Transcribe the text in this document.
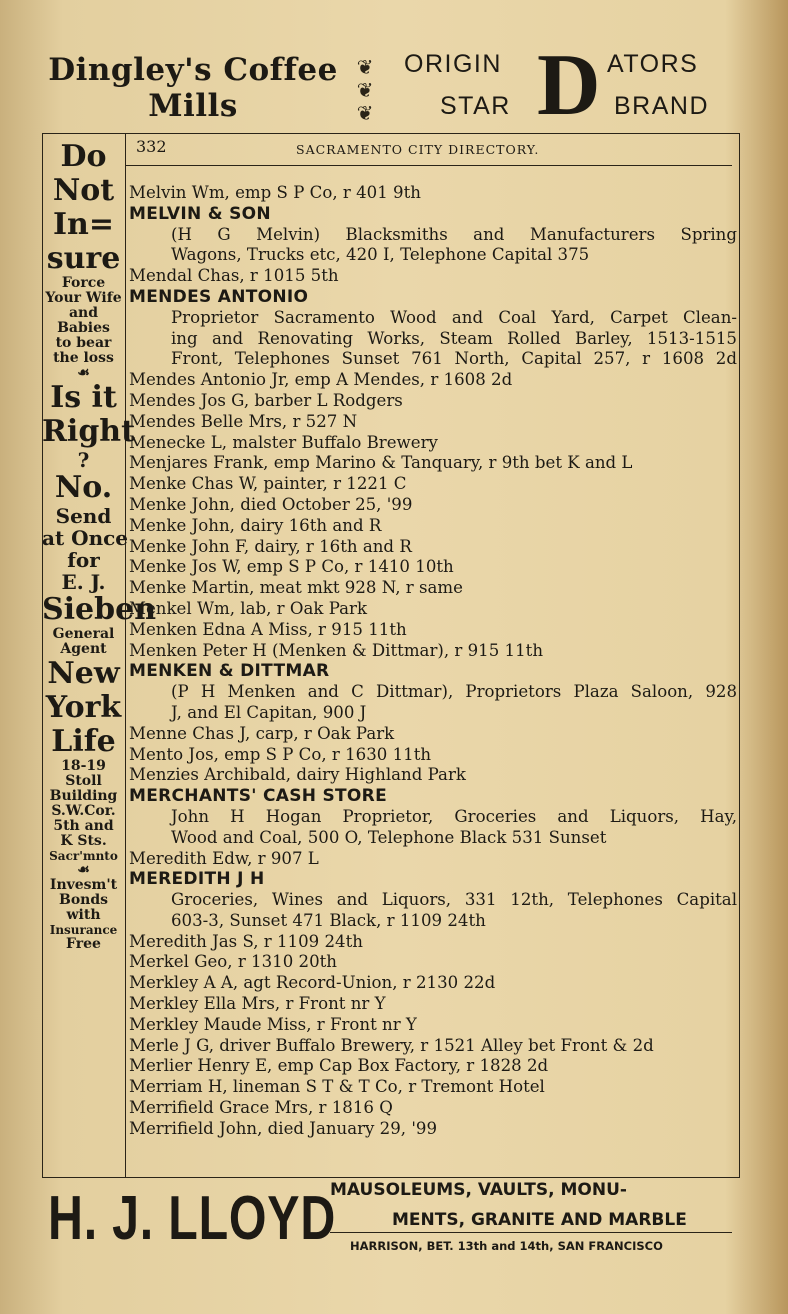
Dingley's Coffee
Mills
❦
❦
❦
ORIGIN	ATORS
STAR	BRAND
D
332	SACRAMENTO CITY DIRECTORY.
Do
Not
In=
sure
Force
Your Wife
and
Babies
to bear
the loss
☙
Is it
Right
?
No.
Send
at Once
for
E. J.
Sieben
General
Agent
New
York
Life
18-19
Stoll
Building
S.W.Cor.
5th and
K Sts.
Sacr'mnto
☙
Invesm't
Bonds
with
Insurance
Free
Melvin Wm, emp S P Co, r 401 9th
MELVIN & SON
(H G Melvin) Blacksmiths and Manufacturers Spring
Wagons, Trucks etc, 420 I, Telephone Capital 375
Mendal Chas, r 1015 5th
MENDES ANTONIO
Proprietor Sacramento Wood and Coal Yard, Carpet Clean-
ing and Renovating Works, Steam Rolled Barley, 1513-1515
Front, Telephones Sunset 761 North, Capital 257, r 1608 2d
Mendes Antonio Jr, emp A Mendes, r 1608 2d
Mendes Jos G, barber L Rodgers
Mendes Belle Mrs, r 527 N
Menecke L, malster Buffalo Brewery
Menjares Frank, emp Marino & Tanquary, r 9th bet K and L
Menke Chas W, painter, r 1221 C
Menke John, died October 25, '99
Menke John, dairy 16th and R
Menke John F, dairy, r 16th and R
Menke Jos W, emp S P Co, r 1410 10th
Menke Martin, meat mkt 928 N, r same
Menkel Wm, lab, r Oak Park
Menken Edna A Miss, r 915 11th
Menken Peter H (Menken & Dittmar), r 915 11th
MENKEN & DITTMAR
(P H Menken and C Dittmar), Proprietors Plaza Saloon, 928
J, and El Capitan, 900 J
Menne Chas J, carp, r Oak Park
Mento Jos, emp S P Co, r 1630 11th
Menzies Archibald, dairy Highland Park
MERCHANTS' CASH STORE
John H Hogan Proprietor, Groceries and Liquors, Hay,
Wood and Coal, 500 O, Telephone Black 531 Sunset
Meredith Edw, r 907 L
MEREDITH J H
Groceries, Wines and Liquors, 331 12th, Telephones Capital
603-3, Sunset 471 Black, r 1109 24th
Meredith Jas S, r 1109 24th
Merkel Geo, r 1310 20th
Merkley A A, agt Record-Union, r 2130 22d
Merkley Ella Mrs, r Front nr Y
Merkley Maude Miss, r Front nr Y
Merle J G, driver Buffalo Brewery, r 1521 Alley bet Front & 2d
Merlier Henry E, emp Cap Box Factory, r 1828 2d
Merriam H, lineman S T & T Co, r Tremont Hotel
Merrifield Grace Mrs, r 1816 Q
Merrifield John, died January 29, '99
H. J. LLOYD
MAUSOLEUMS, VAULTS, MONU-
MENTS, GRANITE AND MARBLE
HARRISON, BET. 13th and 14th, SAN FRANCISCO
